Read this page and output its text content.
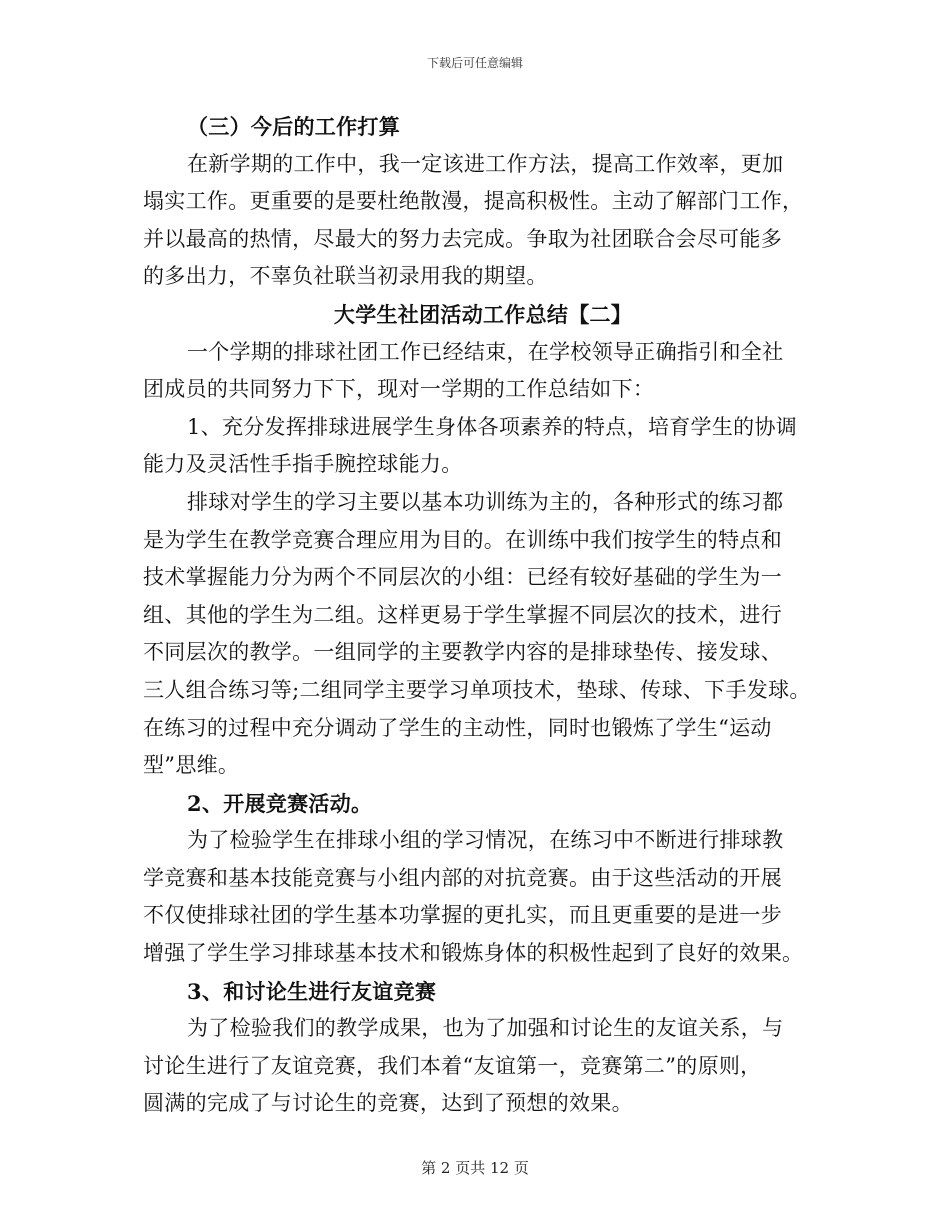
下载后可任意编辑
（三）今后的工作打算
在新学期的工作中，我一定该进工作方法，提高工作效率，更加
塌实工作。更重要的是要杜绝散漫，提高积极性。主动了解部门工作，
并以最高的热情，尽最大的努力去完成。争取为社团联合会尽可能多
的多出力，不辜负社联当初录用我的期望。
大学生社团活动工作总结【二】
一个学期的排球社团工作已经结束，在学校领导正确指引和全社
团成员的共同努力下下，现对一学期的工作总结如下：
1、充分发挥排球进展学生身体各项素养的特点，培育学生的协调
能力及灵活性手指手腕控球能力。
排球对学生的学习主要以基本功训练为主的，各种形式的练习都
是为学生在教学竞赛合理应用为目的。在训练中我们按学生的特点和
技术掌握能力分为两个不同层次的小组：已经有较好基础的学生为一
组、其他的学生为二组。这样更易于学生掌握不同层次的技术，进行
不同层次的教学。一组同学的主要教学内容的是排球垫传、接发球、
三人组合练习等;二组同学主要学习单项技术，垫球、传球、下手发球。
在练习的过程中充分调动了学生的主动性，同时也锻炼了学生“运动
型”思维。
2、开展竞赛活动。
为了检验学生在排球小组的学习情况，在练习中不断进行排球教
学竞赛和基本技能竞赛与小组内部的对抗竞赛。由于这些活动的开展
不仅使排球社团的学生基本功掌握的更扎实，而且更重要的是进一步
增强了学生学习排球基本技术和锻炼身体的积极性起到了良好的效果。
3、和讨论生进行友谊竞赛
为了检验我们的教学成果，也为了加强和讨论生的友谊关系，与
讨论生进行了友谊竞赛，我们本着“友谊第一，竞赛第二”的原则，
圆满的完成了与讨论生的竞赛，达到了预想的效果。
第 2 页共 12 页
